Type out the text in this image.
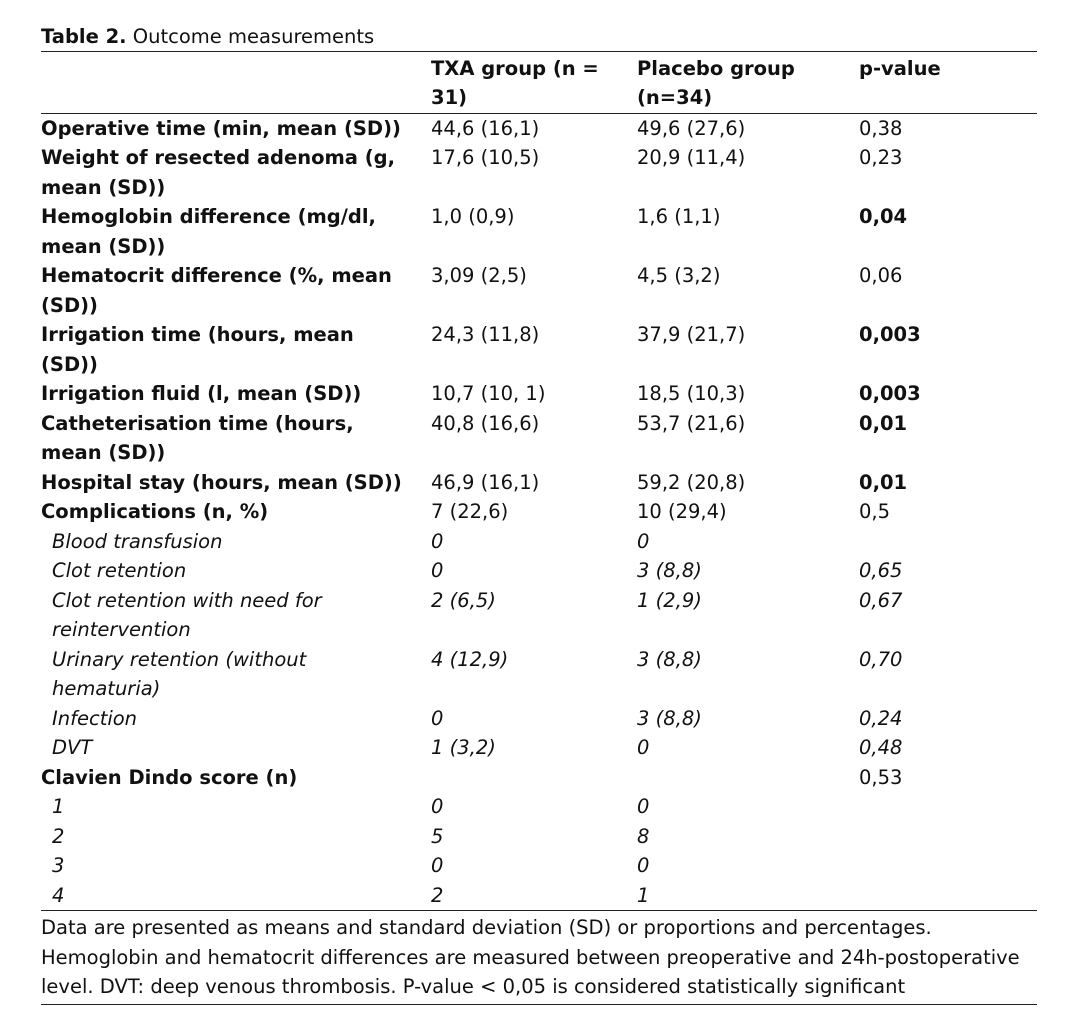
Table 2. Outcome measurements
	TXA group (n = 31)	Placebo group (n=34)	p-value
Operative time (min, mean (SD))	44,6 (16,1)	49,6 (27,6)	0,38
Weight of resected adenoma (g, mean (SD))	17,6 (10,5)	20,9 (11,4)	0,23
Hemoglobin difference (mg/dl, mean (SD))	1,0 (0,9)	1,6 (1,1)	0,04
Hematocrit difference (%, mean (SD))	3,09 (2,5)	4,5 (3,2)	0,06
Irrigation time (hours, mean (SD))	24,3 (11,8)	37,9 (21,7)	0,003
Irrigation fluid (l, mean (SD))	10,7 (10, 1)	18,5 (10,3)	0,003
Catheterisation time (hours, mean (SD))	40,8 (16,6)	53,7 (21,6)	0,01
Hospital stay (hours, mean (SD))	46,9 (16,1)	59,2 (20,8)	0,01
Complications (n, %)	7 (22,6)	10 (29,4)	0,5
Blood transfusion	0	0	
Clot retention	0	3 (8,8)	0,65
Clot retention with need for reintervention	2 (6,5)	1 (2,9)	0,67
Urinary retention (without hematuria)	4 (12,9)	3 (8,8)	0,70
Infection	0	3 (8,8)	0,24
DVT	1 (3,2)	0	0,48
Clavien Dindo score (n)			0,53
1	0	0	
2	5	8	
3	0	0	
4	2	1	
Data are presented as means and standard deviation (SD) or proportions and percentages. Hemoglobin and hematocrit differences are measured between preoperative and 24h-postoperative level. DVT: deep venous thrombosis. P-value < 0,05 is considered statistically significant
